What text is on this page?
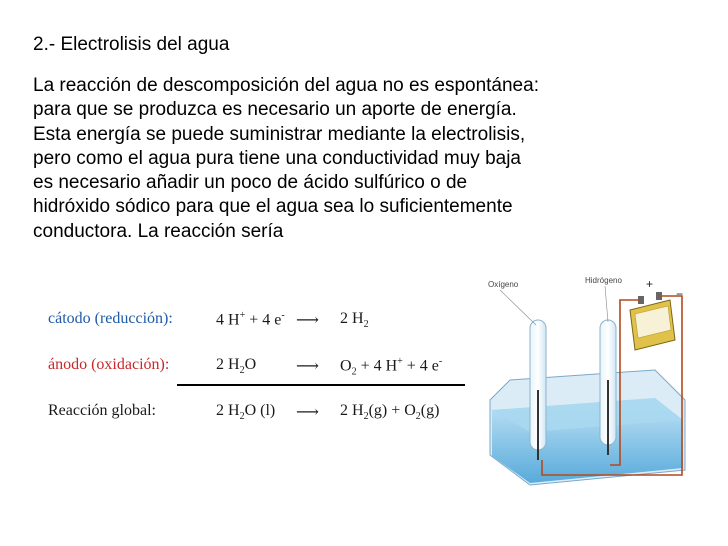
2.- Electrolisis del agua
La reacción de descomposición del agua no es espontánea:
para que se produzca es necesario un aporte de energía.
Esta energía se puede suministrar mediante la electrolisis,
pero como el agua pura tiene una conductividad muy baja
es necesario añadir un poco de ácido sulfúrico o de
hidróxido sódico para que el agua sea lo suficientemente
conductora. La reacción sería
cátodo (reducción):	4 H+ + 4 e- ⟶ 2 $H_2$
ánodo (oxidación):	2 $H_2O$ ⟶ $O_2 + 4$ H+ + 4 e-
Reacción global:	2 $H_2O$ (l) ⟶ 2 $H_2(g) + O_2(g)$
Oxígeno	Hidrógeno +
−
